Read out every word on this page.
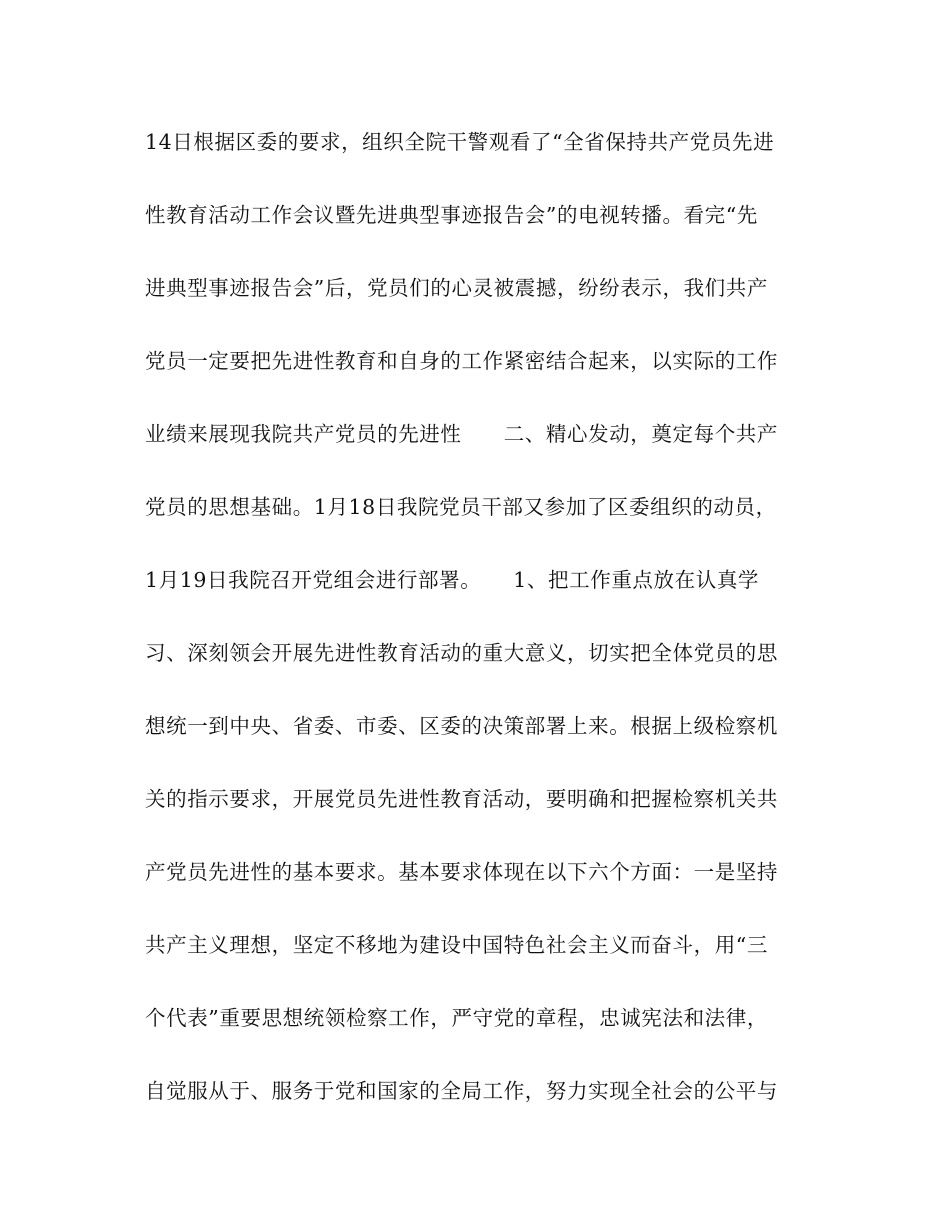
14日根据区委的要求，组织全院干警观看了“全省保持共产党员先进
性教育活动工作会议暨先进典型事迹报告会”的电视转播。看完“先
进典型事迹报告会”后，党员们的心灵被震撼，纷纷表示，我们共产
党员一定要把先进性教育和自身的工作紧密结合起来，以实际的工作
业绩来展现我院共产党员的先进性　　二、精心发动，奠定每个共产
党员的思想基础。1月18日我院党员干部又参加了区委组织的动员，
1月19日我院召开党组会进行部署。　　1、把工作重点放在认真学
习、深刻领会开展先进性教育活动的重大意义，切实把全体党员的思
想统一到中央、省委、市委、区委的决策部署上来。根据上级检察机
关的指示要求，开展党员先进性教育活动，要明确和把握检察机关共
产党员先进性的基本要求。基本要求体现在以下六个方面：一是坚持
共产主义理想，坚定不移地为建设中国特色社会主义而奋斗，用“三
个代表”重要思想统领检察工作，严守党的章程，忠诚宪法和法律，
自觉服从于、服务于党和国家的全局工作，努力实现全社会的公平与
